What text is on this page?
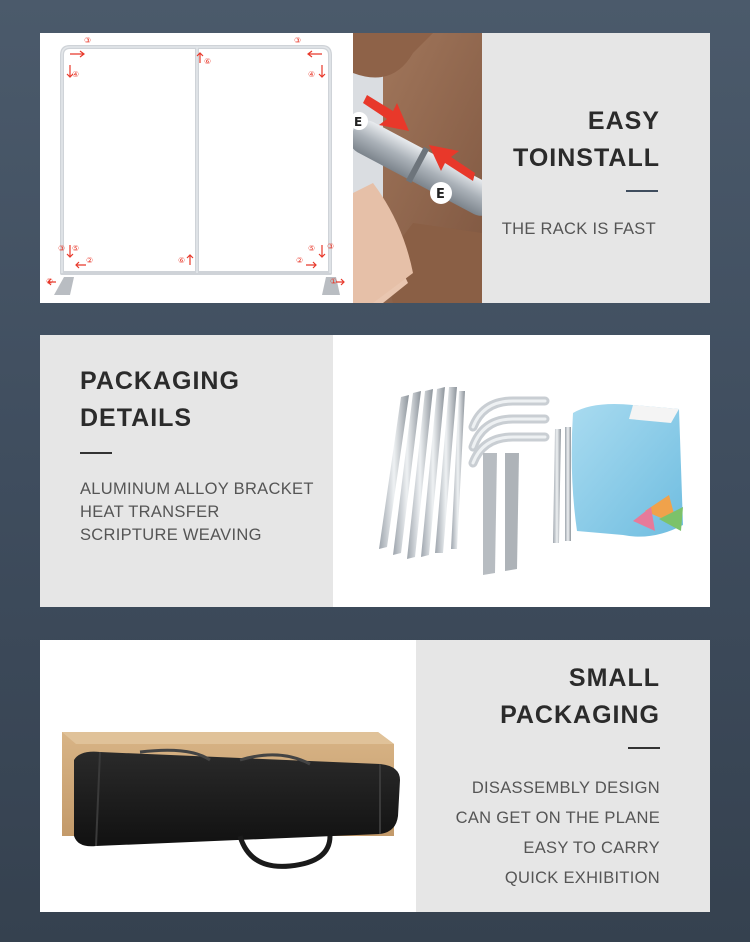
③	③
④	④
⑥
⑤	⑤
②	②
⑥
③	③
①	①
E
E	EASY
TOINSTALL
THE RACK IS FAST
PACKAGING
DETAILS
ALUMINUM ALLOY BRACKET
HEAT TRANSFER
SCRIPTURE WEAVING
SMALL
PACKAGING
DISASSEMBLY DESIGN
CAN GET ON THE PLANE
EASY TO CARRY
QUICK EXHIBITION
